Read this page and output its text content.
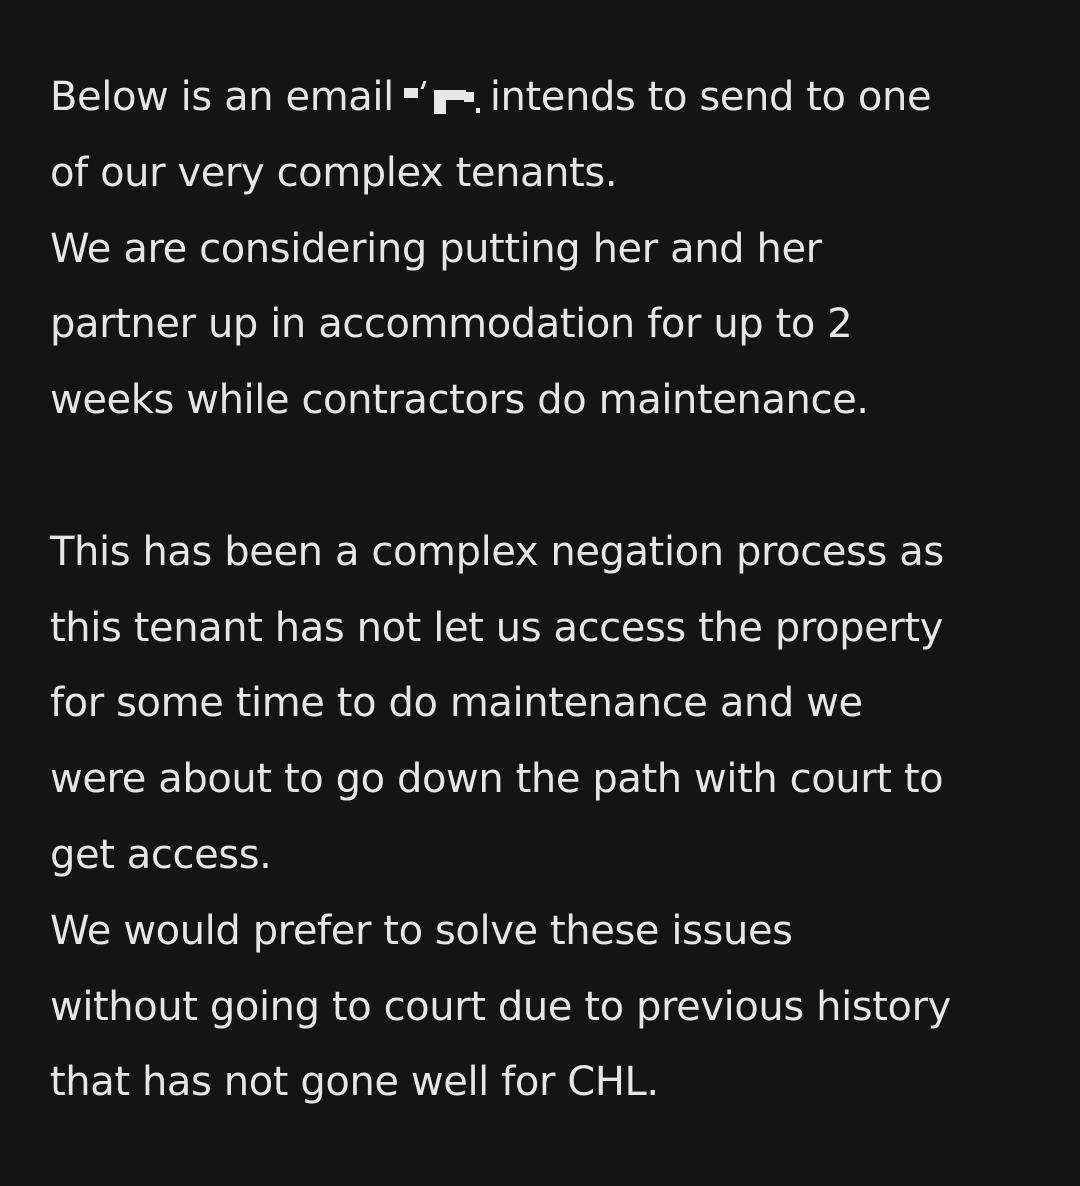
Below is an email intends to send to one
of our very complex tenants.
We are considering putting her and her
partner up in accommodation for up to 2
weeks while contractors do maintenance.

This has been a complex negation process as
this tenant has not let us access the property
for some time to do maintenance and we
were about to go down the path with court to
get access.
We would prefer to solve these issues
without going to court due to previous history
that has not gone well for CHL.
